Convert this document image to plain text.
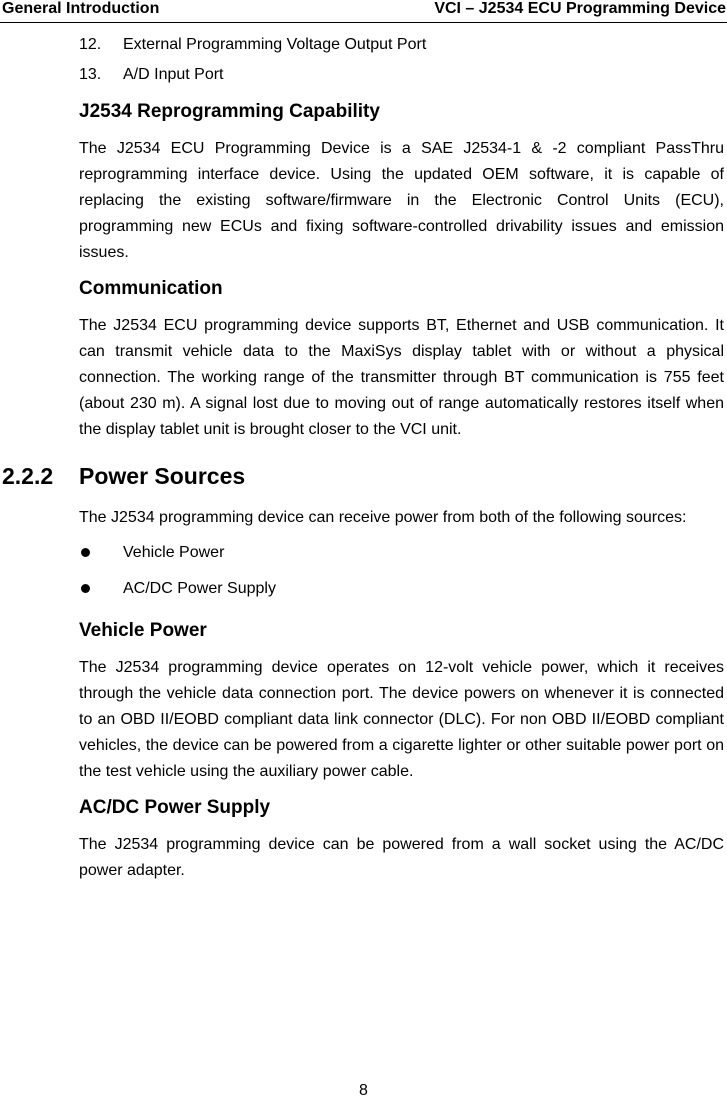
General Introduction	VCI – J2534 ECU Programming Device
12. External Programming Voltage Output Port
13. A/D Input Port
J2534 Reprogramming Capability

The J2534 ECU Programming Device is a SAE J2534-1 & -2 compliant PassThru reprogramming interface device. Using the updated OEM software, it is capable of replacing the existing software/firmware in the Electronic Control Units (ECU), programming new ECUs and fixing software-controlled drivability issues and emission issues.

Communication

The J2534 ECU programming device supports BT, Ethernet and USB communication. It can transmit vehicle data to the MaxiSys display tablet with or without a physical connection. The working range of the transmitter through BT communication is 755 feet (about 230 m). A signal lost due to moving out of range automatically restores itself when the display tablet unit is brought closer to the VCI unit.

2.2.2 Power Sources

The J2534 programming device can receive power from both of the following sources:

Vehicle Power
AC/DC Power Supply
Vehicle Power

The J2534 programming device operates on 12-volt vehicle power, which it receives through the vehicle data connection port. The device powers on whenever it is connected to an OBD II/EOBD compliant data link connector (DLC). For non OBD II/EOBD compliant vehicles, the device can be powered from a cigarette lighter or other suitable power port on the test vehicle using the auxiliary power cable.

AC/DC Power Supply

The J2534 programming device can be powered from a wall socket using the AC/DC power adapter.

8
